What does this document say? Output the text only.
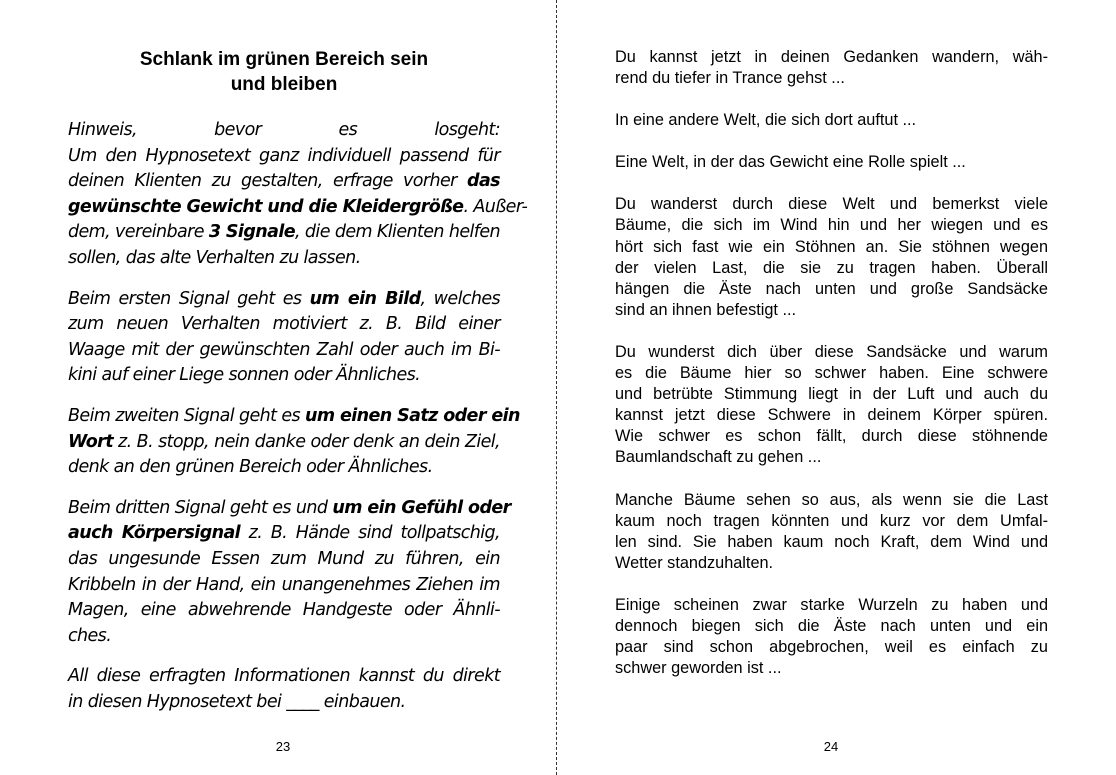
Schlank im grünen Bereich sein
und bleiben
Hinweis, bevor es losgeht:
Um den Hypnosetext ganz individuell passend für
deinen Klienten zu gestalten, erfrage vorher das
gewünschte Gewicht und die Kleidergröße. Außer-
dem, vereinbare 3 Signale, die dem Klienten helfen
sollen, das alte Verhalten zu lassen.
Beim ersten Signal geht es um ein Bild, welches
zum neuen Verhalten motiviert z. B. Bild einer
Waage mit der gewünschten Zahl oder auch im Bi-
kini auf einer Liege sonnen oder Ähnliches.
Beim zweiten Signal geht es um einen Satz oder ein
Wort z. B. stopp, nein danke oder denk an dein Ziel,
denk an den grünen Bereich oder Ähnliches.
Beim dritten Signal geht es und um ein Gefühl oder
auch Körpersignal z. B. Hände sind tollpatschig,
das ungesunde Essen zum Mund zu führen, ein
Kribbeln in der Hand, ein unangenehmes Ziehen im
Magen, eine abwehrende Handgeste oder Ähnli-
ches.
All diese erfragten Informationen kannst du direkt
in diesen Hypnosetext bei ____ einbauen.
Du kannst jetzt in deinen Gedanken wandern, wäh-
rend du tiefer in Trance gehst ...
In eine andere Welt, die sich dort auftut ...
Eine Welt, in der das Gewicht eine Rolle spielt ...
Du wanderst durch diese Welt und bemerkst viele
Bäume, die sich im Wind hin und her wiegen und es
hört sich fast wie ein Stöhnen an. Sie stöhnen wegen
der vielen Last, die sie zu tragen haben. Überall
hängen die Äste nach unten und große Sandsäcke
sind an ihnen befestigt ...
Du wunderst dich über diese Sandsäcke und warum
es die Bäume hier so schwer haben. Eine schwere
und betrübte Stimmung liegt in der Luft und auch du
kannst jetzt diese Schwere in deinem Körper spüren.
Wie schwer es schon fällt, durch diese stöhnende
Baumlandschaft zu gehen ...
Manche Bäume sehen so aus, als wenn sie die Last
kaum noch tragen könnten und kurz vor dem Umfal-
len sind. Sie haben kaum noch Kraft, dem Wind und
Wetter standzuhalten.
Einige scheinen zwar starke Wurzeln zu haben und
dennoch biegen sich die Äste nach unten und ein
paar sind schon abgebrochen, weil es einfach zu
schwer geworden ist ...
23	24
